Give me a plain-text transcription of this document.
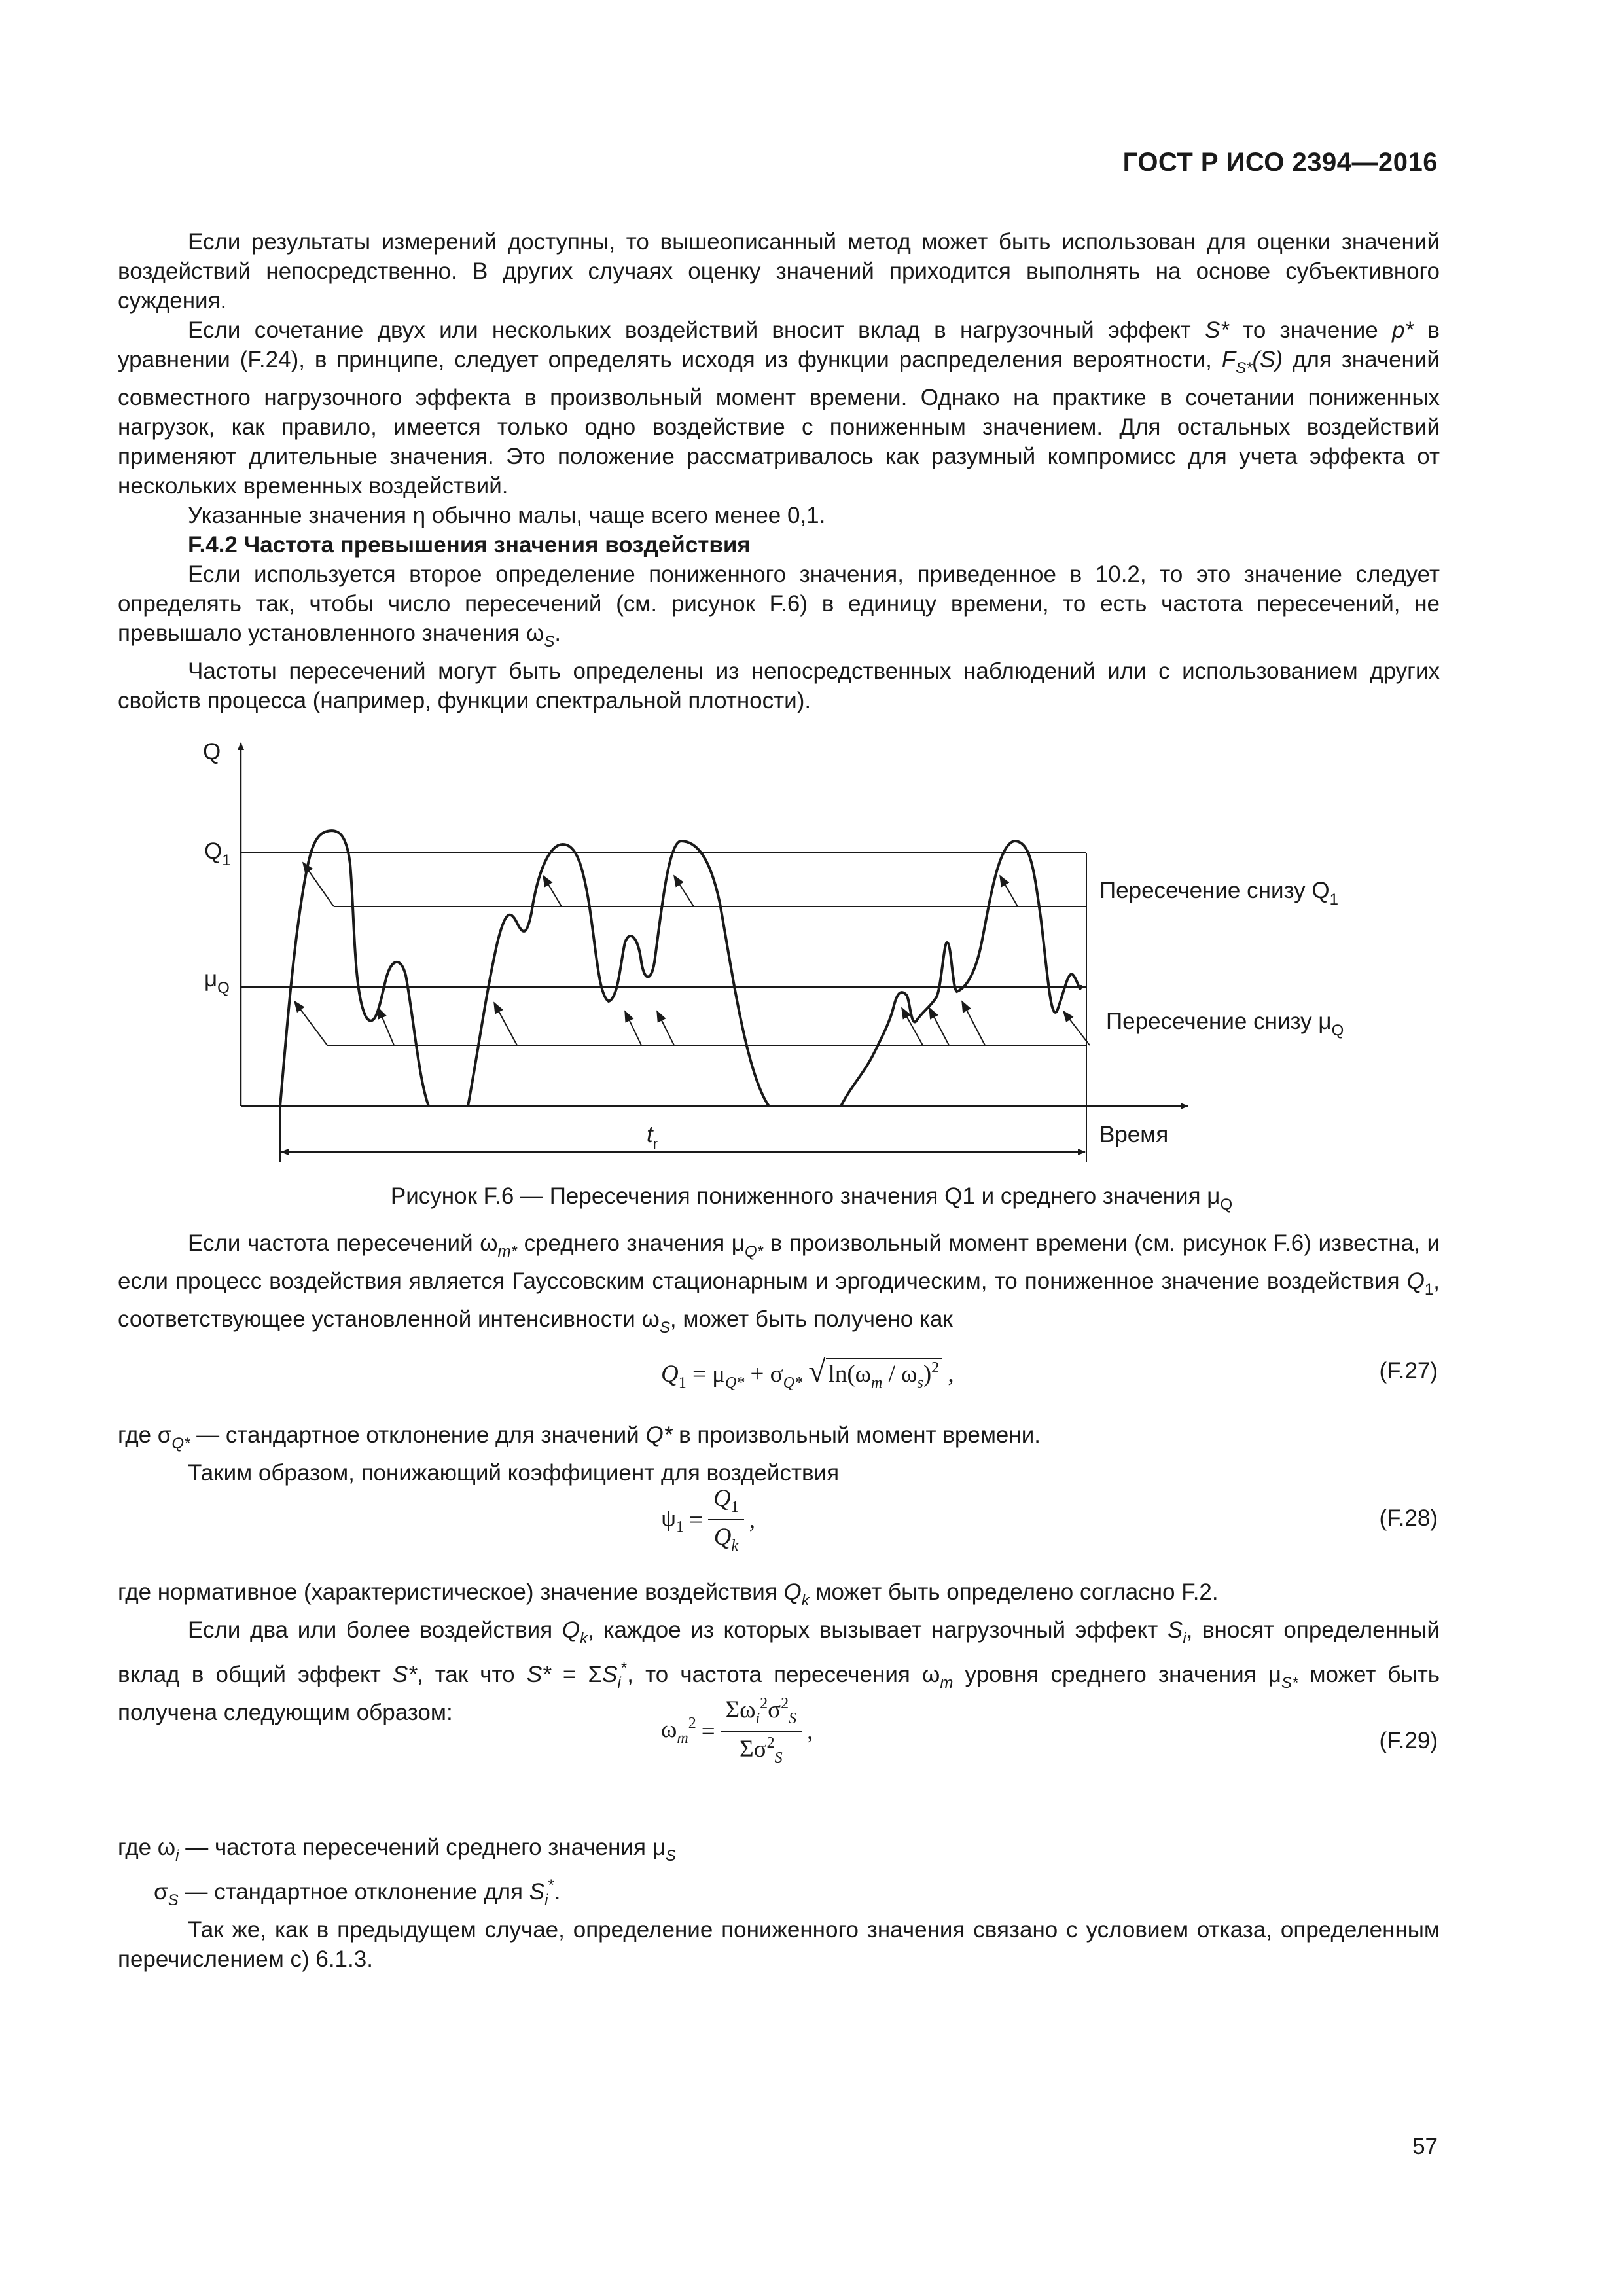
ГОСТ Р ИСО 2394—2016

Если результаты измерений доступны, то вышеописанный метод может быть использован для оценки значений воздействий непосредственно. В других случаях оценку значений приходится выполнять на основе субъективного суждения.

Если сочетание двух или нескольких воздействий вносит вклад в нагрузочный эффект S* то значение p* в уравнении (F.24), в принципе, следует определять исходя из функции распределения вероятности, $F_{S*}(S)$ для значений совместного нагрузочного эффекта в произвольный момент времени. Однако на практике в сочетании пониженных нагрузок, как правило, имеется только одно воздействие с пониженным значением. Для остальных воздействий применяют длительные значения. Это положение рассматривалось как разумный компромисс для учета эффекта от нескольких временных воздействий.

Указанные значения η обычно малы, чаще всего менее 0,1.

F.4.2 Частота превышения значения воздействия

Если используется второе определение пониженного значения, приведенное в 10.2, то это значение следует определять так, чтобы число пересечений (см. рисунок F.6) в единицу времени, то есть частота пересечений, не превышало установленного значения $\omega_S$.

Частоты пересечений могут быть определены из непосредственных наблюдений или с использованием других свойств процесса (например, функции спектральной плотности).

Q
$Q_1$
$\mu_Q$
Пересечение снизу $Q_1$
Пересечение снизу $\mu_Q$
Время
$t_r$
Рисунок F.6 — Пересечения пониженного значения Q1 и среднего значения $\mu_Q$

Если частота пересечений $\omega_{m*}$ среднего значения $\mu_{Q*}$ в произвольный момент времени (см. рисунок F.6) известна, и если процесс воздействия является Гауссовским стационарным и эргодическим, то пониженное значение воздействия $Q_1$, соответствующее установленной интенсивности $\omega_S$, может быть получено как

$Q_1 = \mu_{Q*} + \sigma_{Q*}$ √ $\ln(\omega_m / \omega_s)^2$ ,	(F.27)

где $\sigma_{Q*}$ — стандартное отклонение для значений Q* в произвольный момент времени.

Таким образом, понижающий коэффициент для воздействия

$\psi_1 = \frac{Q_1}{Q_k}$ ,	(F.28)

где нормативное (характеристическое) значение воздействия $Q_k$ может быть определено согласно F.2.

Если два или более воздействия $Q_k$, каждое из которых вызывает нагрузочный эффект $S_i$, вносят определенный вклад в общий эффект S*, так что $S* = \Sigma S_i^*$, то частота пересечения $\omega_m$ уровня среднего значения $\mu_{S*}$ может быть получена следующим образом:

$\omega_m^2 = \frac{\Sigma\omega_i^2\sigma^2_S}{\Sigma\sigma^2_S}$ ,	(F.29)

где $\omega_i$ — частота пересечений среднего значения $\mu_S$

$\sigma_S$ — стандартное отклонение для $S_i^*$.

Так же, как в предыдущем случае, определение пониженного значения связано с условием отказа, определенным перечислением c) 6.1.3.

57
